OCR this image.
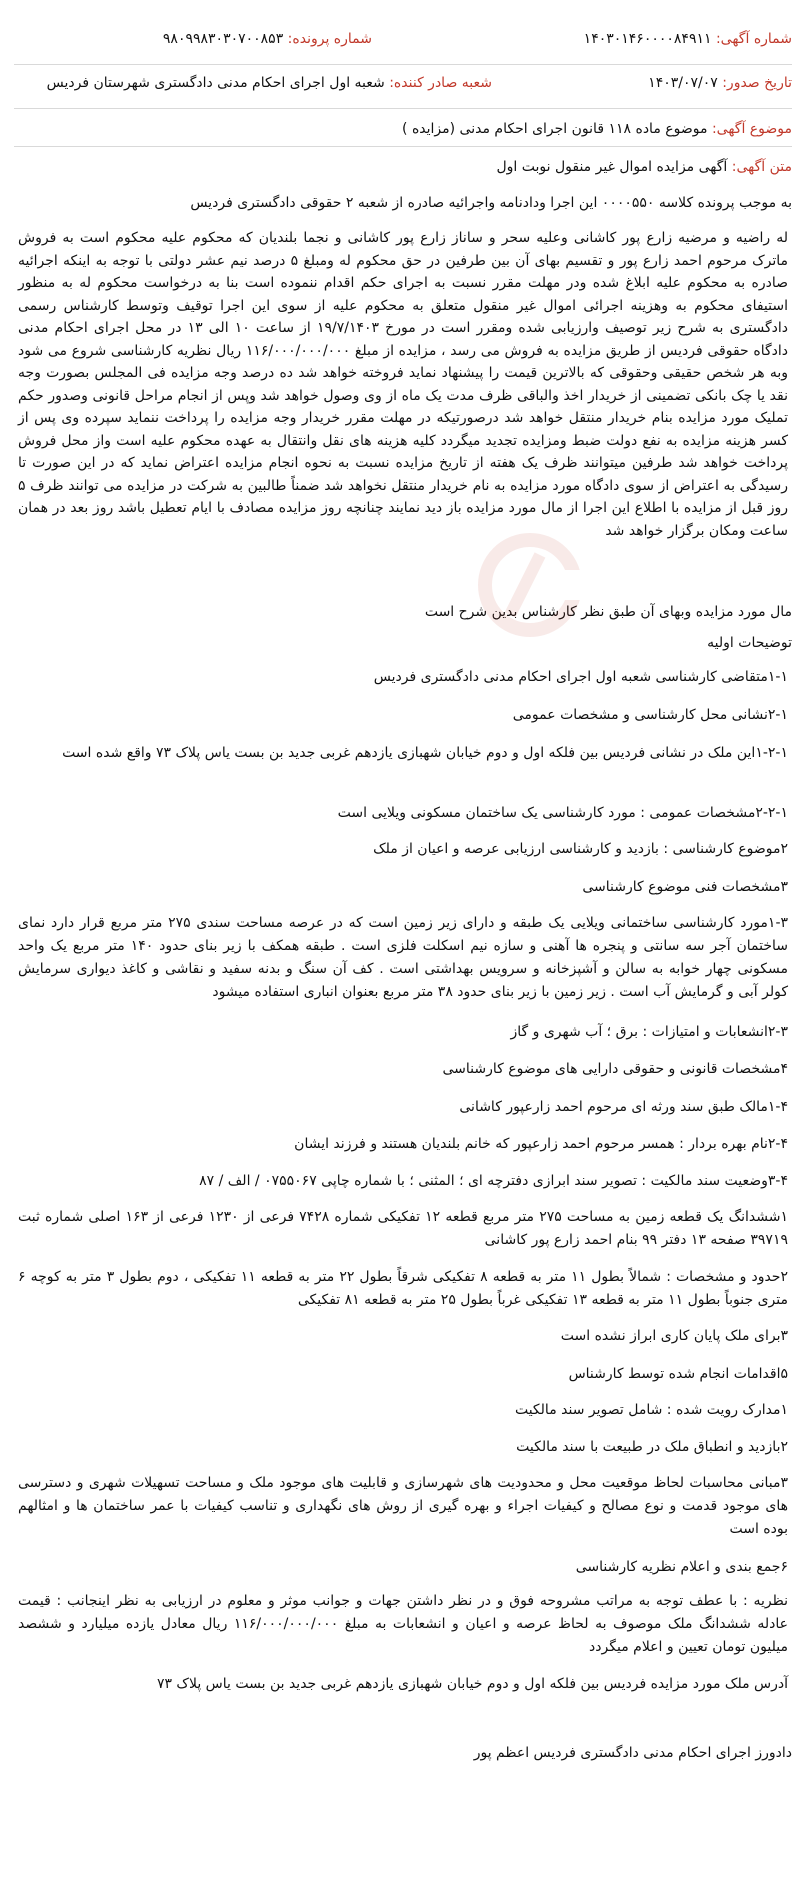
شماره آگهی: ۱۴۰۳۰۱۴۶۰۰۰۰۸۴۹۱۱
شماره پرونده: ۹۸۰۹۹۸۳۰۳۰۷۰۰۸۵۳
تاریخ صدور: ۱۴۰۳/۰۷/۰۷
شعبه صادر کننده: شعبه اول اجرای احکام مدنی دادگستری شهرستان فردیس
موضوع آگهی: موضوع ماده ۱۱۸ قانون اجرای احکام مدنی (مزایده )
متن آگهی: آگهی مزایده اموال غیر منقول نوبت اول
به موجب پرونده کلاسه ۰۰۰۰۵۵۰ این اجرا ودادنامه واجرائیه صادره از شعبه ۲ حقوقی دادگستری فردیس
له راضیه و مرضیه زارع پور کاشانی وعلیه سحر و ساناز زارع پور کاشانی و نجما بلندیان که محکوم علیه محکوم است به فروش ماترک مرحوم احمد زارع پور و تقسیم بهای آن بین طرفین در حق محکوم له ومبلغ ۵ درصد نیم عشر دولتی با توجه به اینکه اجرائیه صادره به محکوم علیه ابلاغ شده ودر مهلت مقرر نسبت به اجرای حکم اقدام ننموده است بنا به درخواست محکوم له به منظور استیفای محکوم به وهزینه اجرائی اموال غیر منقول متعلق به محکوم علیه از سوی این اجرا توقیف وتوسط کارشناس رسمی دادگستری به شرح زیر توصیف وارزیابی شده ومقرر است در مورخ ۱۹/۷/۱۴۰۳ از ساعت ۱۰ الی ۱۳ در محل اجرای احکام مدنی دادگاه حقوقی فردیس از طریق مزایده به فروش می رسد ، مزایده از مبلغ ۱۱۶/۰۰۰/۰۰۰/۰۰۰ ریال نظریه کارشناسی شروع می شود وبه هر شخص حقیقی وحقوقی که بالاترین قیمت را پیشنهاد نماید فروخته خواهد شد ده درصد وجه مزایده فی المجلس بصورت وجه نقد یا چک بانکی تضمینی از خریدار اخذ والباقی ظرف مدت یک ماه از وی وصول خواهد شد وپس از انجام مراحل قانونی وصدور حکم تملیک مورد مزایده بنام خریدار منتقل خواهد شد درصورتیکه در مهلت مقرر خریدار وجه مزایده را پرداخت ننماید سپرده وی پس از کسر هزینه مزایده به نفع دولت ضبط ومزایده تجدید میگردد کلیه هزینه های نقل وانتقال به عهده محکوم علیه است واز محل فروش پرداخت خواهد شد طرفین میتوانند ظرف یک هفته از تاریخ مزایده نسبت به نحوه انجام مزایده اعتراض نماید که در این صورت تا رسیدگی به اعتراض از سوی دادگاه مورد مزایده به نام خریدار منتقل نخواهد شد ضمناً طالبین به شرکت در مزایده می توانند ظرف ۵ روز قبل از مزایده با اطلاع این اجرا از مال مورد مزایده باز دید نمایند چنانچه روز مزایده مصادف با ایام تعطیل باشد روز بعد در همان ساعت ومکان برگزار خواهد شد
مال مورد مزایده وبهای آن طبق نظر کارشناس بدین شرح است
توضیحات اولیه
۱-۱متقاضی کارشناسی شعبه اول اجرای احکام مدنی دادگستری فردیس
۲-۱نشانی محل کارشناسی و مشخصات عمومی
۱-۲-۱این ملک در نشانی فردیس بین فلکه اول و دوم خیابان شهبازی یازدهم غربی جدید بن بست یاس پلاک ۷۳ واقع شده است
۲-۲-۱مشخصات عمومی : مورد کارشناسی یک ساختمان مسکونی ویلایی است
۲موضوع کارشناسی : بازدید و کارشناسی ارزیابی عرصه و اعیان از ملک
۳مشخصات فنی موضوع کارشناسی
۱-۳مورد کارشناسی ساختمانی ویلایی یک طبقه و دارای زیر زمین است که در عرصه مساحت سندی ۲۷۵ متر مربع قرار دارد نمای ساختمان آجر سه سانتی و پنجره ها آهنی و سازه نیم اسکلت فلزی است . طبقه همکف با زیر بنای حدود ۱۴۰ متر مربع یک واحد مسکونی چهار خوابه به سالن و آشپزخانه و سرویس بهداشتی است . کف آن سنگ و بدنه سفید و نقاشی و کاغذ دیواری سرمایش کولر آبی و گرمایش آب است . زیر زمین با زیر بنای حدود ۳۸ متر مربع بعنوان انباری استفاده میشود
۲-۳انشعابات و امتیازات : برق ؛ آب شهری و گاز
۴مشخصات قانونی و حقوقی دارایی های موضوع کارشناسی
۱-۴مالک طبق سند ورثه ای مرحوم احمد زارعپور کاشانی
۲-۴نام بهره بردار : همسر مرحوم احمد زارعپور که خانم بلندیان هستند و فرزند ایشان
۳-۴وضعیت سند مالکیت : تصویر سند ابرازی دفترچه ای ؛ المثنی ؛ با شماره چاپی ۰۷۵۵۰۶۷ / الف / ۸۷
۱ششدانگ یک قطعه زمین به مساحت ۲۷۵ متر مربع قطعه ۱۲ تفکیکی شماره ۷۴۲۸ فرعی از ۱۲۳۰ فرعی از ۱۶۳ اصلی شماره ثبت ۳۹۷۱۹ صفحه ۱۳ دفتر ۹۹ بنام احمد زارع پور کاشانی
۲حدود و مشخصات : شمالاً بطول ۱۱ متر به قطعه ۸ تفکیکی شرقاً بطول ۲۲ متر به قطعه ۱۱ تفکیکی ، دوم بطول ۳ متر به کوچه ۶ متری جنوباً بطول ۱۱ متر به قطعه ۱۳ تفکیکی غرباً بطول ۲۵ متر به قطعه ۸۱ تفکیکی
۳برای ملک پایان کاری ابراز نشده است
۵اقدامات انجام شده توسط کارشناس
۱مدارک رویت شده : شامل تصویر سند مالکیت
۲بازدید و انطباق ملک در طبیعت با سند مالکیت
۳مبانی محاسبات لحاظ موقعیت محل و محدودیت های شهرسازی و قابلیت های موجود ملک و مساحت تسهیلات شهری و دسترسی های موجود قدمت و نوع مصالح و کیفیات اجراء و بهره گیری از روش های نگهداری و تناسب کیفیات با عمر ساختمان ها و امثالهم بوده است
۶جمع بندی و اعلام نظریه کارشناسی
نظریه : با عطف توجه به مراتب مشروحه فوق و در نظر داشتن جهات و جوانب موثر و معلوم در ارزیابی به نظر اینجانب : قیمت عادله ششدانگ ملک موصوف به لحاظ عرصه و اعیان و انشعابات به مبلغ ۱۱۶/۰۰۰/۰۰۰/۰۰۰ ریال معادل یازده میلیارد و ششصد میلیون تومان تعیین و اعلام میگردد
آدرس ملک مورد مزایده فردیس بین فلکه اول و دوم خیابان شهبازی یازدهم غربی جدید بن بست یاس پلاک ۷۳
دادورز اجرای احکام مدنی دادگستری فردیس اعظم پور
